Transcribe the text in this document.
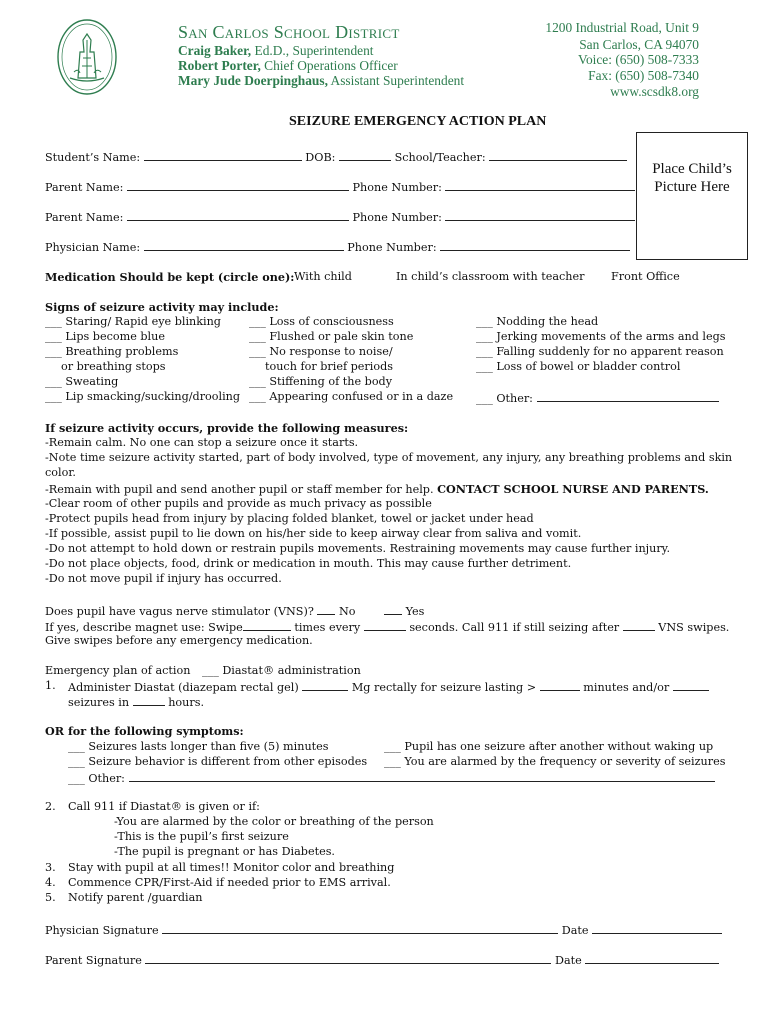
San Carlos School District
Craig Baker, Ed.D., Superintendent
Robert Porter, Chief Operations Officer
Mary Jude Doerpinghaus, Assistant Superintendent
1200 Industrial Road, Unit 9
San Carlos, CA 94070
Voice: (650) 508-7333
Fax: (650) 508-7340
www.scsdk8.org
SEIZURE EMERGENCY ACTION PLAN
Place Child’s
Picture Here
Student’s Name:	DOB:	School/Teacher:
Parent Name:	Phone Number:
Parent Name:	Phone Number:
Physician Name:	Phone Number:
Medication Should be kept (circle one): With child	In child’s classroom with teacher Front Office
Signs of seizure activity may include:
___ Staring/ Rapid eye blinking
___ Lips become blue
___ Breathing problems
or breathing stops
___ Sweating
___ Lip smacking/sucking/drooling
___ Loss of consciousness
___ Flushed or pale skin tone
___ No response to noise/
touch for brief periods
___ Stiffening of the body
___ Appearing confused or in a daze
___ Nodding the head
___ Jerking movements of the arms and legs
___ Falling suddenly for no apparent reason
___ Loss of bowel or bladder control
___ Other:
If seizure activity occurs, provide the following measures:
-Remain calm. No one can stop a seizure once it starts.
-Note time seizure activity started, part of body involved, type of movement, any injury, any breathing problems and skin
color.
-Remain with pupil and send another pupil or staff member for help. CONTACT SCHOOL NURSE AND PARENTS.
-Clear room of other pupils and provide as much privacy as possible
-Protect pupils head from injury by placing folded blanket, towel or jacket under head
-If possible, assist pupil to lie down on his/her side to keep airway clear from saliva and vomit.
-Do not attempt to hold down or restrain pupils movements. Restraining movements may cause further injury.
-Do not place objects, food, drink or medication in mouth. This may cause further detriment.
-Do not move pupil if injury has occurred.
Does pupil have vagus nerve stimulator (VNS)?  No	Yes
If yes, describe magnet use: Swipe	times every	seconds. Call 911 if still seizing after	VNS swipes.
Give swipes before any emergency medication.
Emergency plan of action ___ Diastat® administration
1. Administer Diastat (diazepam rectal gel)	Mg rectally for seizure lasting >	minutes and/or
seizures in	hours.
OR for the following symptoms:
___ Seizures lasts longer than five (5) minutes
___ Seizure behavior is different from other episodes
___ Pupil has one seizure after another without waking up
___ You are alarmed by the frequency or severity of seizures
___ Other:
2. Call 911 if Diastat® is given or if:
-You are alarmed by the color or breathing of the person
-This is the pupil’s first seizure
-The pupil is pregnant or has Diabetes.
3. Stay with pupil at all times!! Monitor color and breathing
4. Commence CPR/First-Aid if needed prior to EMS arrival.
5. Notify parent /guardian
Physician Signature	Date
Parent Signature	Date
